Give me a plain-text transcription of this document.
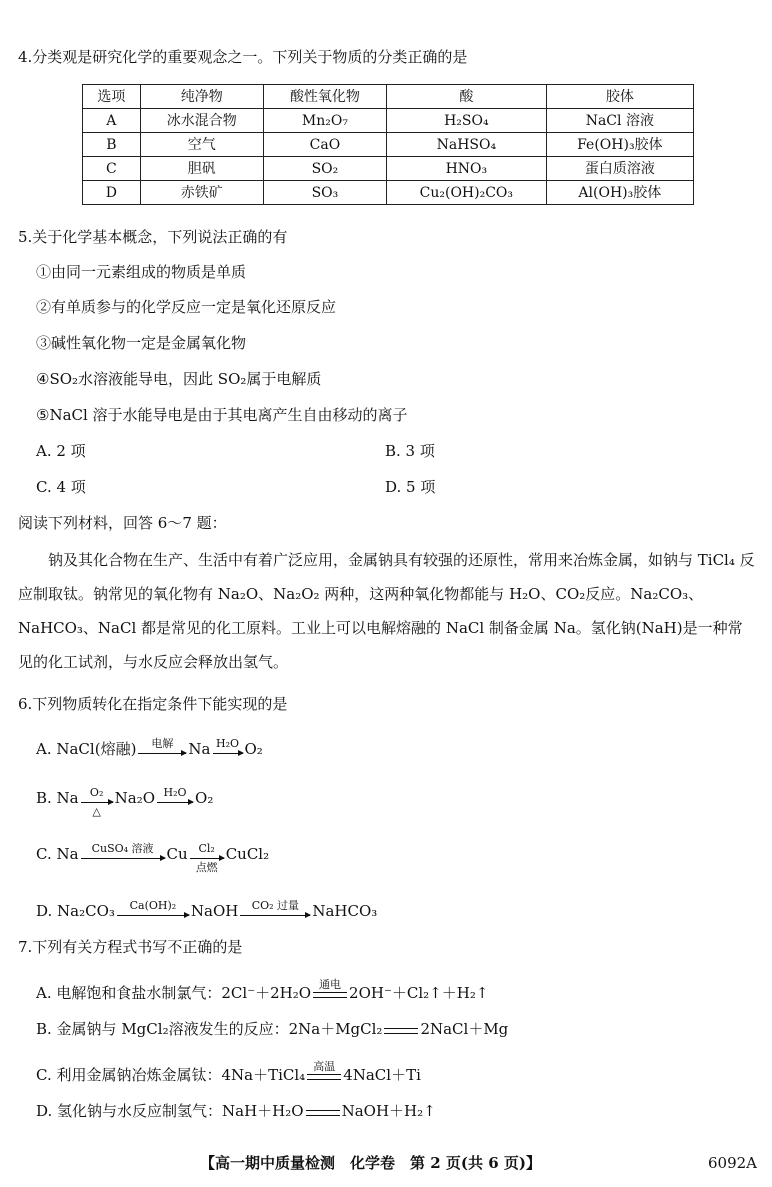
4.分类观是研究化学的重要观念之一。下列关于物质的分类正确的是
选项	纯净物	酸性氧化物	酸	胶体
A	冰水混合物	Mn₂O₇	H₂SO₄	NaCl 溶液
B	空气	CaO	NaHSO₄	Fe(OH)₃胶体
C	胆矾	SO₂	HNO₃	蛋白质溶液
D	赤铁矿	SO₃	Cu₂(OH)₂CO₃	Al(OH)₃胶体
5.关于化学基本概念，下列说法正确的有
①由同一元素组成的物质是单质
②有单质参与的化学反应一定是氧化还原反应
③碱性氧化物一定是金属氧化物
④SO₂水溶液能导电，因此 SO₂属于电解质
⑤NaCl 溶于水能导电是由于其电离产生自由移动的离子
A. 2 项	B. 3 项
C. 4 项	D. 5 项
阅读下列材料，回答 6～7 题：

钠及其化合物在生产、生活中有着广泛应用，金属钠具有较强的还原性，常用来冶炼金属，如钠与 TiCl₄ 反应制取钛。钠常见的氧化物有 Na₂O、Na₂O₂ 两种，这两种氧化物都能与 H₂O、CO₂反应。Na₂CO₃、NaHCO₃、NaCl 都是常见的化工原料。工业上可以电解熔融的 NaCl 制备金属 Na。氢化钠(NaH)是一种常见的化工试剂，与水反应会释放出氢气。

6.下列物质转化在指定条件下能实现的是
A. NaCl(熔融)	电解	Na H₂O O₂
B. Na	O₂
△
Na₂O H₂O O₂
C. Na	CuSO₄ 溶液 Cu Cl₂
点燃
CuCl₂
D. Na₂CO₃	Ca(OH)₂ NaOH	CO₂ 过量 NaHCO₃
7.下列有关方程式书写不正确的是
A. 电解饱和食盐水制氯气：2Cl⁻＋2H₂O 通电 2OH⁻＋Cl₂↑＋H₂↑
B. 金属钠与 MgCl₂溶液发生的反应：2Na＋MgCl₂	2NaCl＋Mg
C. 利用金属钠冶炼金属钛：4Na＋TiCl₄ 高温 4NaCl＋Ti
D. 氢化钠与水反应制氢气：NaH＋H₂O	NaOH＋H₂↑
【高一期中质量检测　化学卷　第 2 页(共 6 页)】	6092A
